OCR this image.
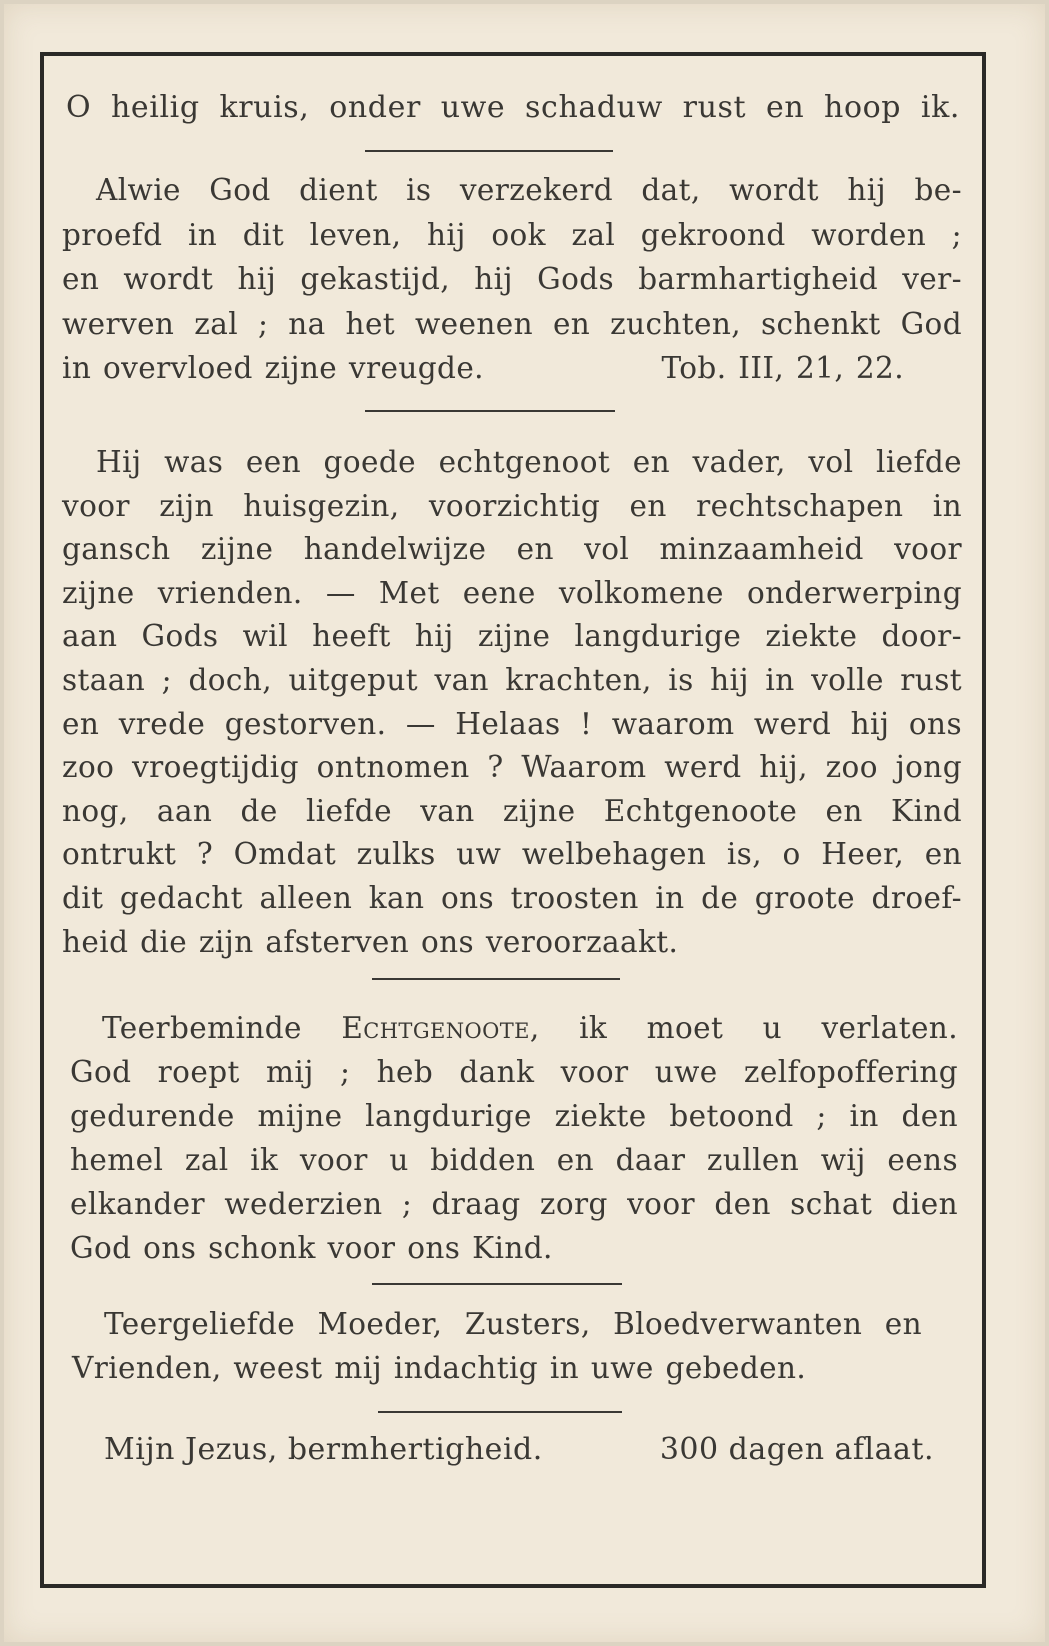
O heilig kruis, onder uwe schaduw rust en hoop ik.
Alwie God dient is verzekerd dat, wordt hij be-
proefd in dit leven, hij ook zal gekroond worden ;
en wordt hij gekastijd, hij Gods barmhartigheid ver-
werven zal ; na het weenen en zuchten, schenkt God
in overvloed zijne vreugde.	Tob. III, 21, 22.
Hij was een goede echtgenoot en vader, vol liefde
voor zijn huisgezin, voorzichtig en rechtschapen in
gansch zijne handelwijze en vol minzaamheid voor
zijne vrienden. — Met eene volkomene onderwerping
aan Gods wil heeft hij zijne langdurige ziekte door-
staan ; doch, uitgeput van krachten, is hij in volle rust
en vrede gestorven. — Helaas ! waarom werd hij ons
zoo vroegtijdig ontnomen ? Waarom werd hij, zoo jong
nog, aan de liefde van zijne Echtgenoote en Kind
ontrukt ? Omdat zulks uw welbehagen is, o Heer, en
dit gedacht alleen kan ons troosten in de groote droef-
heid die zijn afsterven ons veroorzaakt.
Teerbeminde Echtgenoote, ik moet u verlaten.
God roept mij ; heb dank voor uwe zelfopoffering
gedurende mijne langdurige ziekte betoond ; in den
hemel zal ik voor u bidden en daar zullen wij eens
elkander wederzien ; draag zorg voor den schat dien
God ons schonk voor ons Kind.
Teergeliefde Moeder, Zusters, Bloedverwanten en
Vrienden, weest mij indachtig in uwe gebeden.
Mijn Jezus, bermhertigheid.	300 dagen aflaat.
